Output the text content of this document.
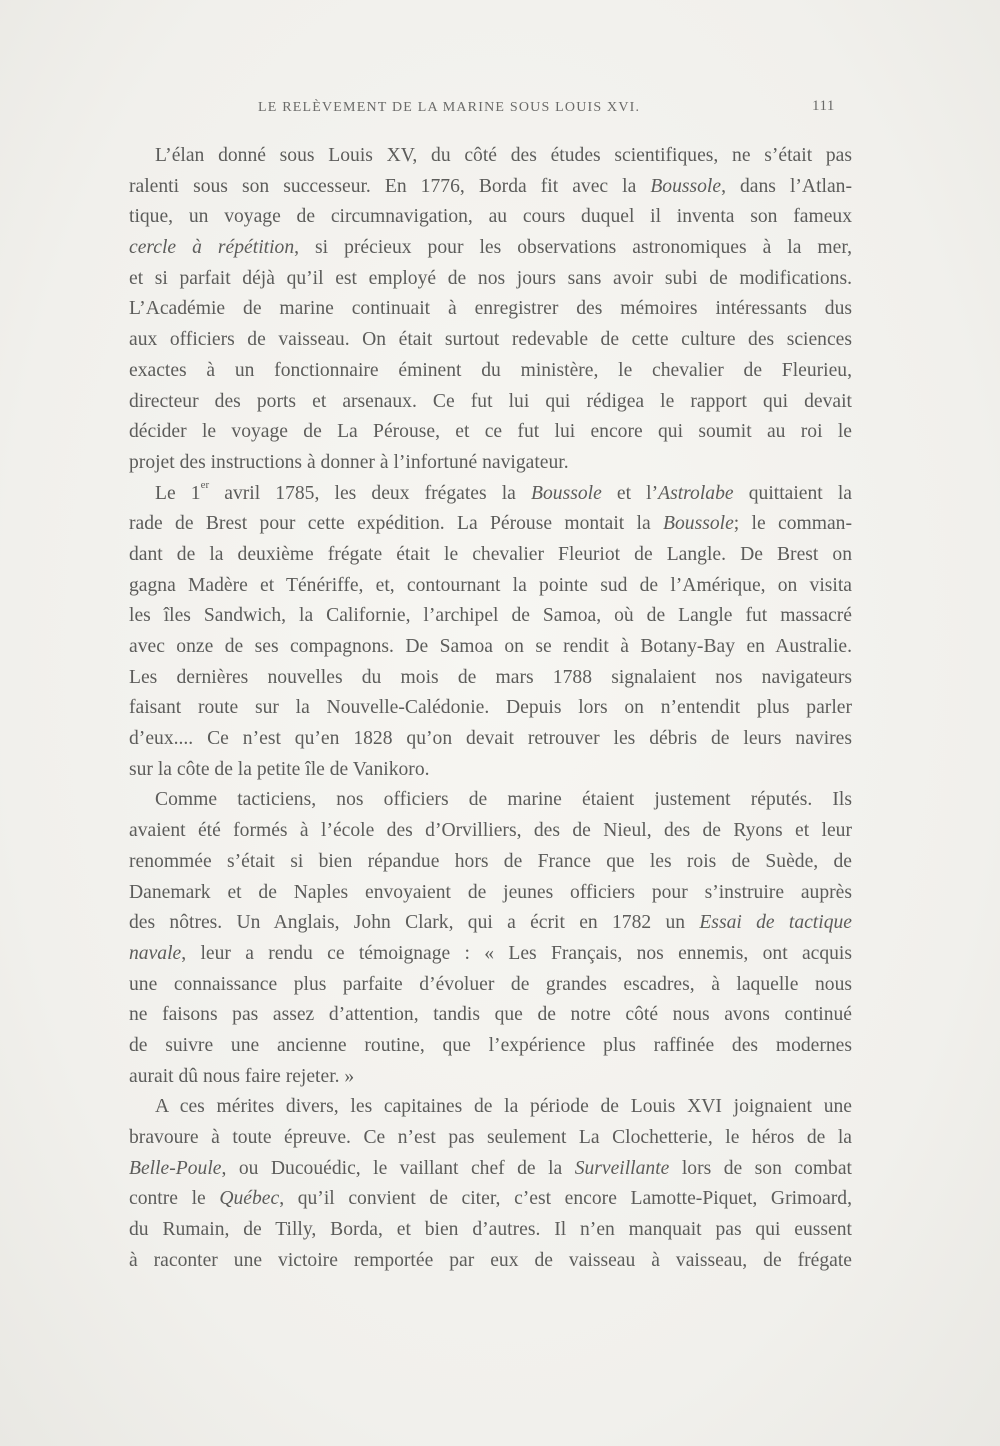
LE RELÈVEMENT DE LA MARINE SOUS LOUIS XVI.	111
L’élan donné sous Louis XV, du côté des études scientifiques, ne s’était pas
ralenti sous son successeur. En 1776, Borda fit avec la Boussole, dans l’Atlan-
tique, un voyage de circumnavigation, au cours duquel il inventa son fameux
cercle à répétition, si précieux pour les observations astronomiques à la mer,
et si parfait déjà qu’il est employé de nos jours sans avoir subi de modifications.
L’Académie de marine continuait à enregistrer des mémoires intéressants dus
aux officiers de vaisseau. On était surtout redevable de cette culture des sciences
exactes à un fonctionnaire éminent du ministère, le chevalier de Fleurieu,
directeur des ports et arsenaux. Ce fut lui qui rédigea le rapport qui devait
décider le voyage de La Pérouse, et ce fut lui encore qui soumit au roi le
projet des instructions à donner à l’infortuné navigateur.
Le 1er avril 1785, les deux frégates la Boussole et l’Astrolabe quittaient la
rade de Brest pour cette expédition. La Pérouse montait la Boussole; le comman-
dant de la deuxième frégate était le chevalier Fleuriot de Langle. De Brest on
gagna Madère et Ténériffe, et, contournant la pointe sud de l’Amérique, on visita
les îles Sandwich, la Californie, l’archipel de Samoa, où de Langle fut massacré
avec onze de ses compagnons. De Samoa on se rendit à Botany-Bay en Australie.
Les dernières nouvelles du mois de mars 1788 signalaient nos navigateurs
faisant route sur la Nouvelle-Calédonie. Depuis lors on n’entendit plus parler
d’eux.... Ce n’est qu’en 1828 qu’on devait retrouver les débris de leurs navires
sur la côte de la petite île de Vanikoro.
Comme tacticiens, nos officiers de marine étaient justement réputés. Ils
avaient été formés à l’école des d’Orvilliers, des de Nieul, des de Ryons et leur
renommée s’était si bien répandue hors de France que les rois de Suède, de
Danemark et de Naples envoyaient de jeunes officiers pour s’instruire auprès
des nôtres. Un Anglais, John Clark, qui a écrit en 1782 un Essai de tactique
navale, leur a rendu ce témoignage : « Les Français, nos ennemis, ont acquis
une connaissance plus parfaite d’évoluer de grandes escadres, à laquelle nous
ne faisons pas assez d’attention, tandis que de notre côté nous avons continué
de suivre une ancienne routine, que l’expérience plus raffinée des modernes
aurait dû nous faire rejeter. »
A ces mérites divers, les capitaines de la période de Louis XVI joignaient une
bravoure à toute épreuve. Ce n’est pas seulement La Clochetterie, le héros de la
Belle-Poule, ou Ducouédic, le vaillant chef de la Surveillante lors de son combat
contre le Québec, qu’il convient de citer, c’est encore Lamotte-Piquet, Grimoard,
du Rumain, de Tilly, Borda, et bien d’autres. Il n’en manquait pas qui eussent
à raconter une victoire remportée par eux de vaisseau à vaisseau, de frégate
